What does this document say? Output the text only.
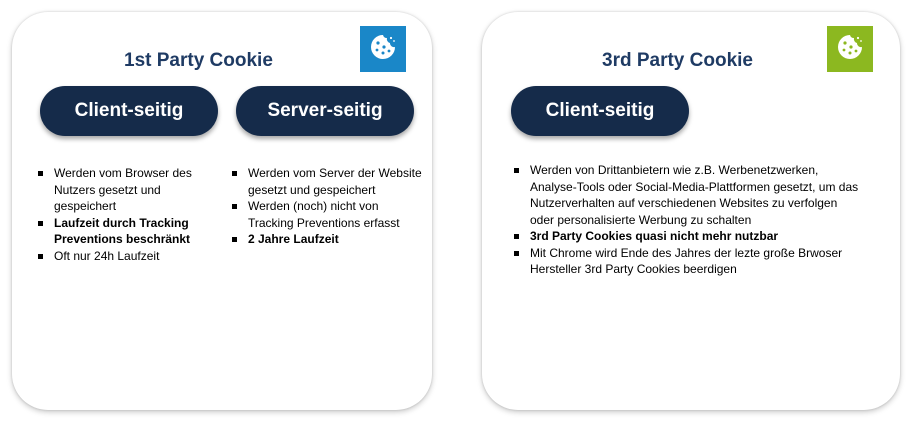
1st Party Cookie
Client-seitig	Server-seitig
Werden vom Browser des Nutzers gesetzt und gespeichert
Laufzeit durch Tracking Preventions beschränkt
Oft nur 24h Laufzeit
Werden vom Server der Website gesetzt und gespeichert
Werden (noch) nicht von Tracking Preventions erfasst
2 Jahre Laufzeit
3rd Party Cookie
Client-seitig
Werden von Drittanbietern wie z.B. Werbenetzwerken, Analyse-Tools oder Social-Media-Plattformen gesetzt, um das Nutzerverhalten auf verschiedenen Websites zu verfolgen oder personalisierte Werbung zu schalten
3rd Party Cookies quasi nicht mehr nutzbar
Mit Chrome wird Ende des Jahres der lezte große Brwoser Hersteller 3rd Party Cookies beerdigen
